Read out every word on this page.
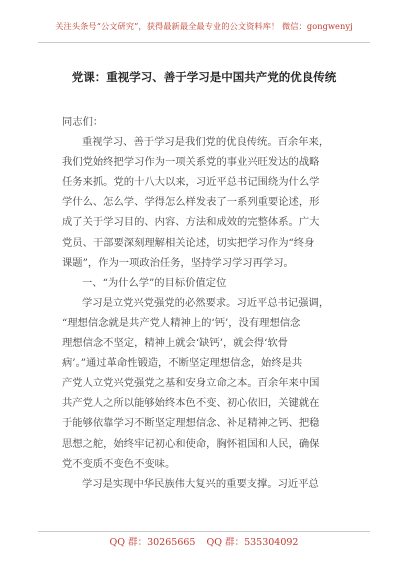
关注头条号“公文研究”，获得最新最全最专业的公文资料库！ 微信：gongwenyj
党课：重视学习、善于学习是中国共产党的优良传统
同志们：
重视学习、善于学习是我们党的优良传统。百余年来，
我们党始终把学习作为一项关系党的事业兴旺发达的战略
任务来抓。党的十八大以来，习近平总书记围绕为什么学
学什么、怎么学、学得怎么样发表了一系列重要论述，形
成了关于学习目的、内容、方法和成效的完整体系。广大
党员、干部要深刻理解相关论述，切实把学习作为“终身
课题”，作为一项政治任务，坚持学习学习再学习。
一、“为什么学”的目标价值定位
学习是立党兴党强党的必然要求。习近平总书记强调，
“理想信念就是共产党人精神上的‘钙’，没有理想信念
理想信念不坚定，精神上就会‘缺钙’，就会得‘软骨
病’。”通过革命性锻造，不断坚定理想信念，始终是共
产党人立党兴党强党之基和安身立命之本。百余年来中国
共产党人之所以能够始终本色不变、初心依旧，关键就在
于能够依靠学习不断坚定理想信念、补足精神之钙、把稳
思想之舵，始终牢记初心和使命，胸怀祖国和人民，确保
党不变质不变色不变味。
学习是实现中华民族伟大复兴的重要支撑。习近平总
QQ 群：30265665 QQ 群：535304092
